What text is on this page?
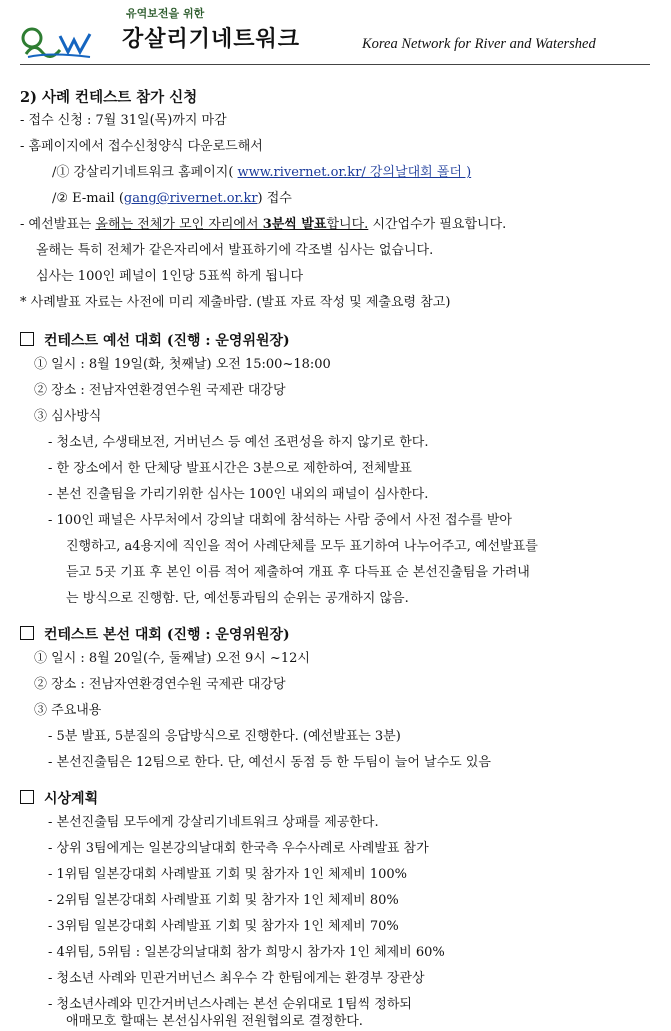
유역보전을 위한
강살리기네트워크	Korea Network for River and Watershed
2) 사례 컨테스트 참가 신청
- 접수 신청 : 7월 31일(목)까지 마감
- 홈페이지에서 접수신청양식 다운로드해서
/① 강살리기네트워크 홈페이지( www.rivernet.or.kr/ 강의날대회 폴더 )
/② E-mail (gang@rivernet.or.kr) 접수
- 예선발표는 올해는 전체가 모인 자리에서 3분씩 발표합니다. 시간업수가 필요합니다.
올해는 특히 전체가 같은자리에서 발표하기에 각조별 심사는 없습니다.
심사는 100인 페널이 1인당 5표씩 하게 됩니다
* 사례발표 자료는 사전에 미리 제출바람. (발표 자료 작성 및 제출요령 참고)
컨테스트 예선 대회 (진행 : 운영위원장)
① 일시 : 8월 19일(화, 첫째날) 오전 15:00~18:00
② 장소 : 전남자연환경연수원 국제관 대강당
③ 심사방식
- 청소년, 수생태보전, 거버넌스 등 예선 조편성을 하지 않기로 한다.
- 한 장소에서 한 단체당 발표시간은 3분으로 제한하여, 전체발표
- 본선 진출팀을 가리기위한 심사는 100인 내외의 패널이 심사한다.
- 100인 패널은 사무처에서 강의날 대회에 참석하는 사람 중에서 사전 접수를 받아
진행하고, a4용지에 직인을 적어 사례단체를 모두 표기하여 나누어주고, 예선발표를
듣고 5곳 기표 후 본인 이름 적어 제출하여 개표 후 다득표 순 본선진출팀을 가려내
는 방식으로 진행함. 단, 예선통과팀의 순위는 공개하지 않음.
컨테스트 본선 대회 (진행 : 운영위원장)
① 일시 : 8월 20일(수, 둘째날) 오전 9시 ~12시
② 장소 : 전남자연환경연수원 국제관 대강당
③ 주요내용
- 5분 발표, 5분질의 응답방식으로 진행한다. (예선발표는 3분)
- 본선진출팀은 12팀으로 한다. 단, 예선시 동점 등 한 두팀이 늘어 날수도 있음
시상계획
- 본선진출팀 모두에게 강살리기네트워크 상패를 제공한다.
- 상위 3팀에게는 일본강의날대회 한국측 우수사례로 사례발표 참가
- 1위팀 일본강대회 사례발표 기회 및 참가자 1인 체제비 100%
- 2위팀 일본강대회 사례발표 기회 및 참가자 1인 체제비 80%
- 3위팀 일본강대회 사례발표 기회 및 참가자 1인 체제비 70%
- 4위팀, 5위팀 : 일본강의날대회 참가 희망시 참가자 1인 체제비 60%
- 청소년 사례와 민관거버넌스 최우수 각 한팀에게는 환경부 장관상
- 청소년사례와 민간거버넌스사례는 본선 순위대로 1팀씩 정하되
애매모호 할때는 본선심사위원 전원협의로 결정한다.
